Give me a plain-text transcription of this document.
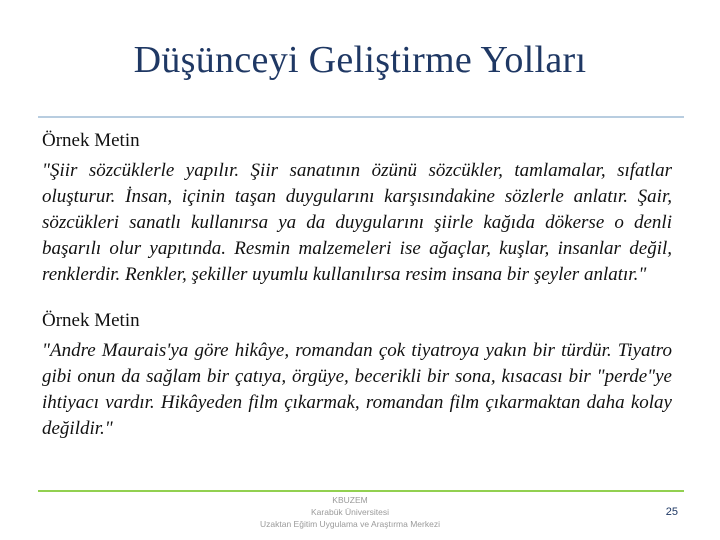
Düşünceyi Geliştirme Yolları

Örnek Metin

"Şiir sözcüklerle yapılır. Şiir sanatının özünü sözcükler, tamlamalar, sıfatlar oluşturur. İnsan, içinin taşan duygularını karşısındakine sözlerle anlatır. Şair, sözcükleri sanatlı kullanırsa ya da duygularını şiirle kağıda dökerse o denli başarılı olur yapıtında. Resmin malzemeleri ise ağaçlar, kuşlar, insanlar değil, renklerdir. Renkler, şekiller uyumlu kullanılırsa resim insana bir şeyler anlatır."

Örnek Metin

"Andre Maurais'ya göre hikâye, romandan çok tiyatroya yakın bir türdür. Tiyatro gibi onun da sağlam bir çatıya, örgüye, becerikli bir sona, kısacası bir "perde"ye ihtiyacı vardır. Hikâyeden film çıkarmak, romandan film çıkarmaktan daha kolay değildir."

KBUZEM
Karabük Üniversitesi
Uzaktan Eğitim Uygulama ve Araştırma Merkezi
25
